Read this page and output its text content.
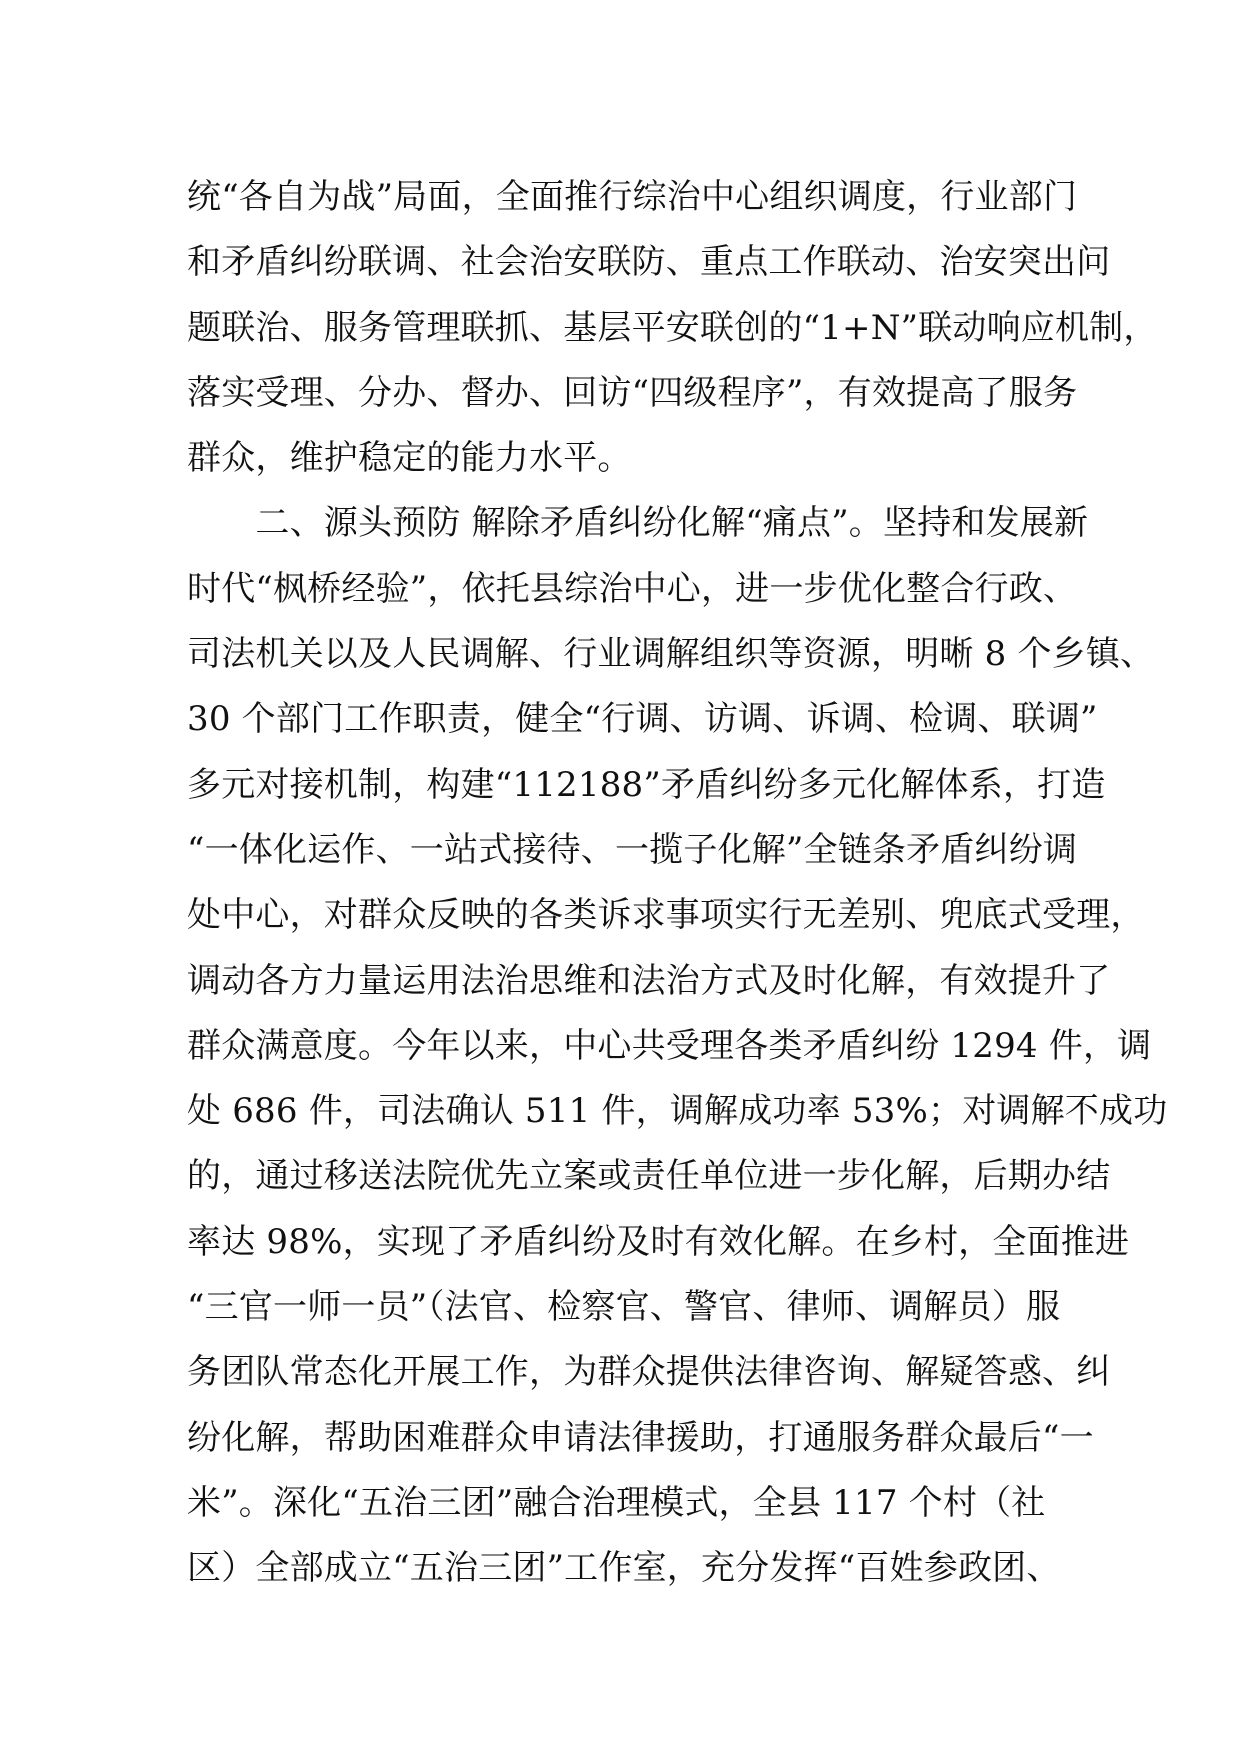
统“各自为战”局面，全面推行综治中心组织调度，行业部门
和矛盾纠纷联调、社会治安联防、重点工作联动、治安突出问
题联治、服务管理联抓、基层平安联创的“1+N”联动响应机制，
落实受理、分办、督办、回访“四级程序”，有效提高了服务
群众，维护稳定的能力水平。
　　二、源头预防 解除矛盾纠纷化解“痛点”。坚持和发展新
时代“枫桥经验”，依托县综治中心，进一步优化整合行政、
司法机关以及人民调解、行业调解组织等资源，明晰 8 个乡镇、
30 个部门工作职责，健全“行调、访调、诉调、检调、联调”
多元对接机制，构建“112188”矛盾纠纷多元化解体系，打造
“一体化运作、一站式接待、一揽子化解”全链条矛盾纠纷调
处中心，对群众反映的各类诉求事项实行无差别、兜底式受理，
调动各方力量运用法治思维和法治方式及时化解，有效提升了
群众满意度。今年以来，中心共受理各类矛盾纠纷 1294 件，调
处 686 件，司法确认 511 件，调解成功率 53%；对调解不成功
的，通过移送法院优先立案或责任单位进一步化解，后期办结
率达 98%，实现了矛盾纠纷及时有效化解。在乡村，全面推进
“三官一师一员”（法官、检察官、警官、律师、调解员）服
务团队常态化开展工作，为群众提供法律咨询、解疑答惑、纠
纷化解，帮助困难群众申请法律援助，打通服务群众最后“一
米”。深化“五治三团”融合治理模式，全县 117 个村（社
区）全部成立“五治三团”工作室，充分发挥“百姓参政团、
